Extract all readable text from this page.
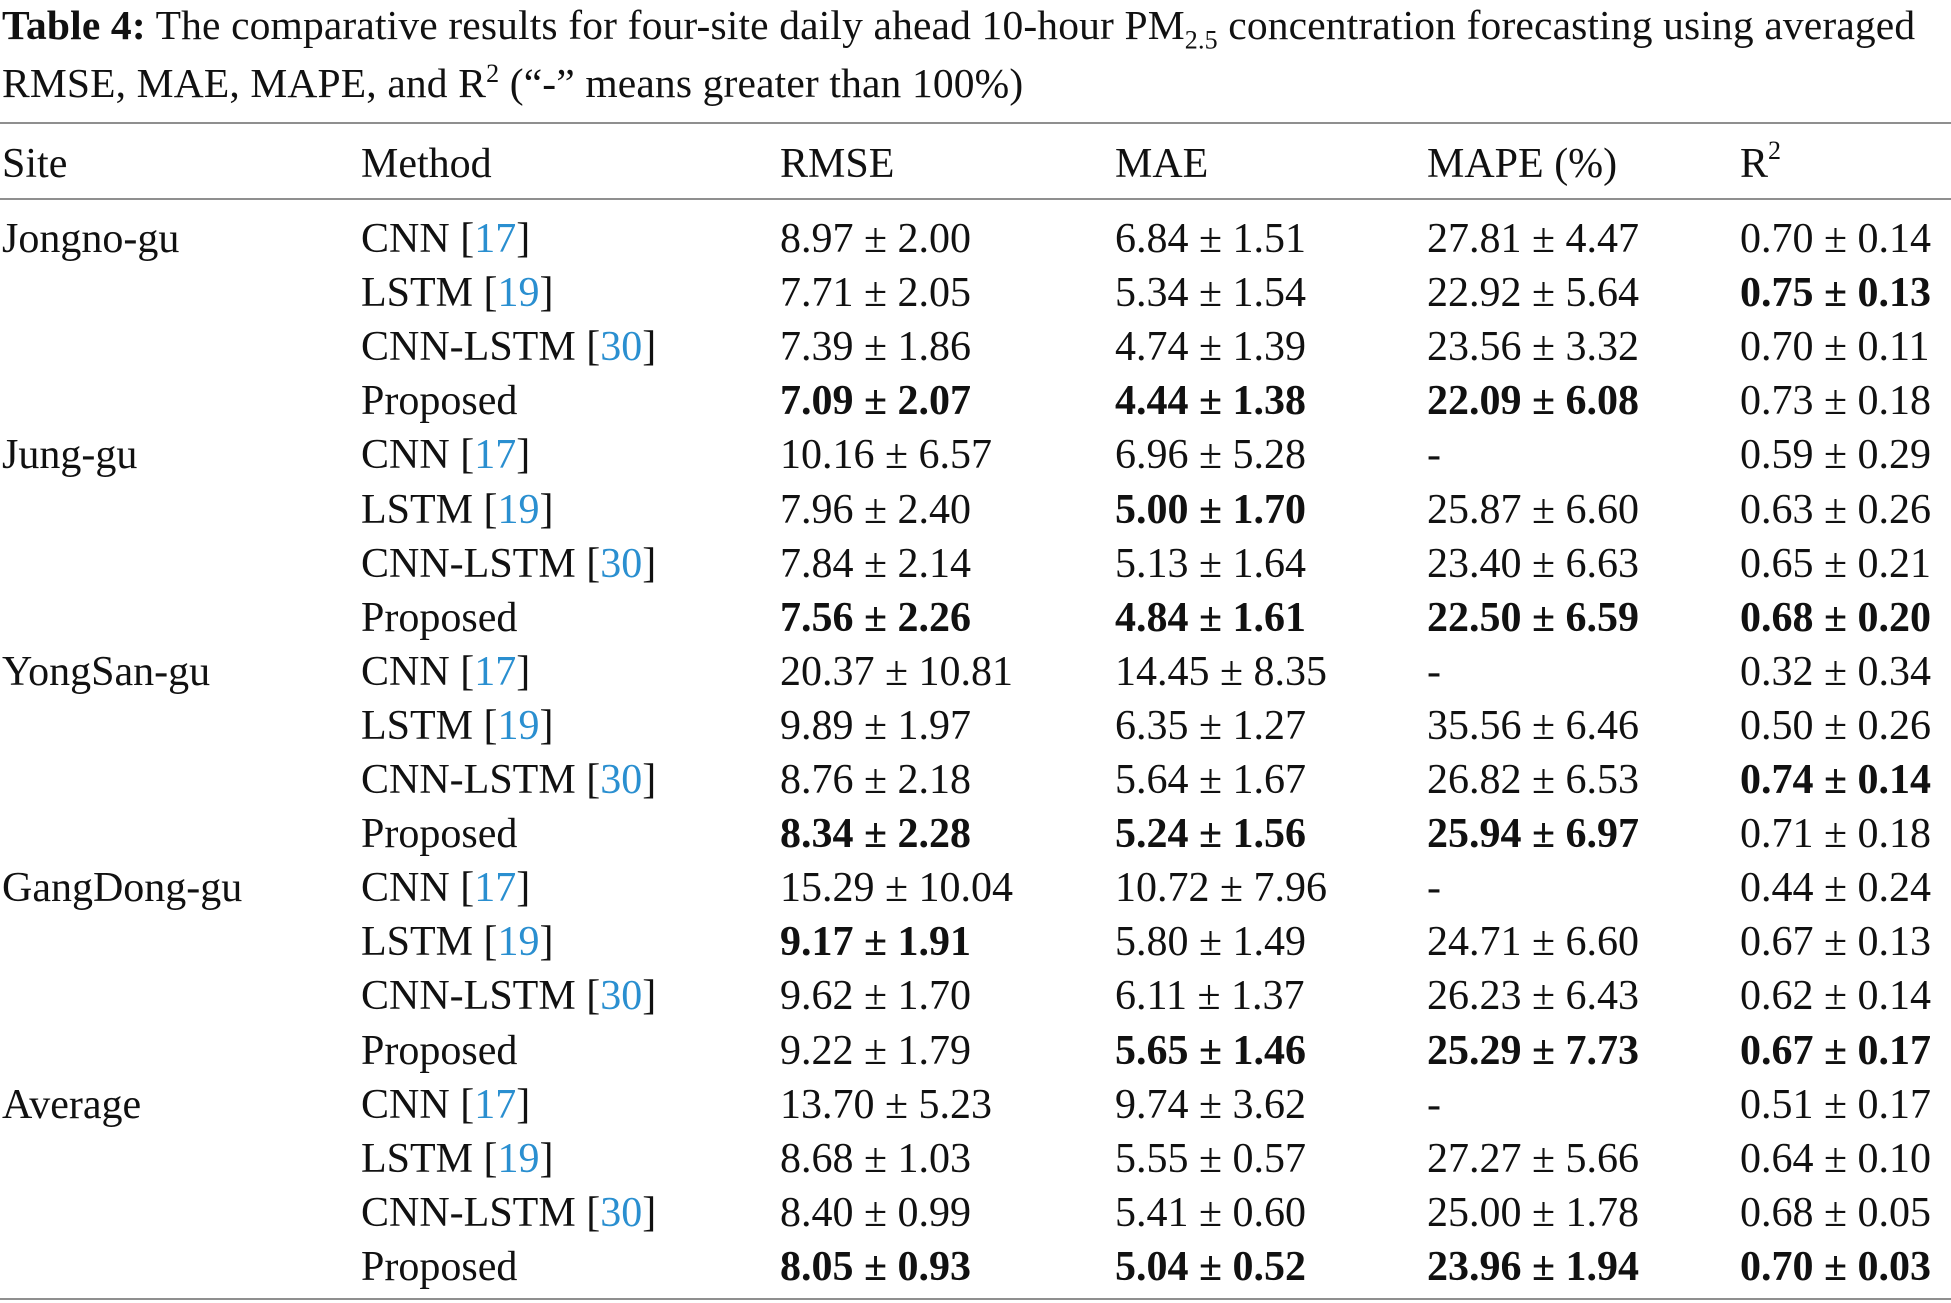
Table 4: The comparative results for four-site daily ahead 10-hour $PM_{2.5}$ concentration forecasting using averaged RMSE, MAE, MAPE, and $R^2$ (“-” means greater than 100%)
Site	Method	RMSE	MAE	MAPE (%)	$R^2$
Jongno-gu	CNN [17]	8.97 ± 2.00	6.84 ± 1.51	27.81 ± 4.47 0.70 ± 0.14
LSTM [19]	7.71 ± 2.05	5.34 ± 1.54	22.92 ± 5.64 0.75 ± 0.13
CNN-LSTM [30]	7.39 ± 1.86	4.74 ± 1.39	23.56 ± 3.32 0.70 ± 0.11
Proposed	7.09 ± 2.07	4.44 ± 1.38	22.09 ± 6.08 0.73 ± 0.18
Jung-gu	CNN [17]	10.16 ± 6.57	6.96 ± 5.28	-	0.59 ± 0.29
LSTM [19]	7.96 ± 2.40	5.00 ± 1.70	25.87 ± 6.60 0.63 ± 0.26
CNN-LSTM [30]	7.84 ± 2.14	5.13 ± 1.64	23.40 ± 6.63 0.65 ± 0.21
Proposed	7.56 ± 2.26	4.84 ± 1.61	22.50 ± 6.59 0.68 ± 0.20
YongSan-gu	CNN [17]	20.37 ± 10.81 14.45 ± 8.35 -	0.32 ± 0.34
LSTM [19]	9.89 ± 1.97	6.35 ± 1.27	35.56 ± 6.46 0.50 ± 0.26
CNN-LSTM [30]	8.76 ± 2.18	5.64 ± 1.67	26.82 ± 6.53 0.74 ± 0.14
Proposed	8.34 ± 2.28	5.24 ± 1.56	25.94 ± 6.97 0.71 ± 0.18
GangDong-gu	CNN [17]	15.29 ± 10.04 10.72 ± 7.96 -	0.44 ± 0.24
LSTM [19]	9.17 ± 1.91	5.80 ± 1.49	24.71 ± 6.60 0.67 ± 0.13
CNN-LSTM [30]	9.62 ± 1.70	6.11 ± 1.37	26.23 ± 6.43 0.62 ± 0.14
Proposed	9.22 ± 1.79	5.65 ± 1.46	25.29 ± 7.73 0.67 ± 0.17
Average	CNN [17]	13.70 ± 5.23	9.74 ± 3.62	-	0.51 ± 0.17
LSTM [19]	8.68 ± 1.03	5.55 ± 0.57	27.27 ± 5.66 0.64 ± 0.10
CNN-LSTM [30]	8.40 ± 0.99	5.41 ± 0.60	25.00 ± 1.78 0.68 ± 0.05
Proposed	8.05 ± 0.93	5.04 ± 0.52	23.96 ± 1.94 0.70 ± 0.03
